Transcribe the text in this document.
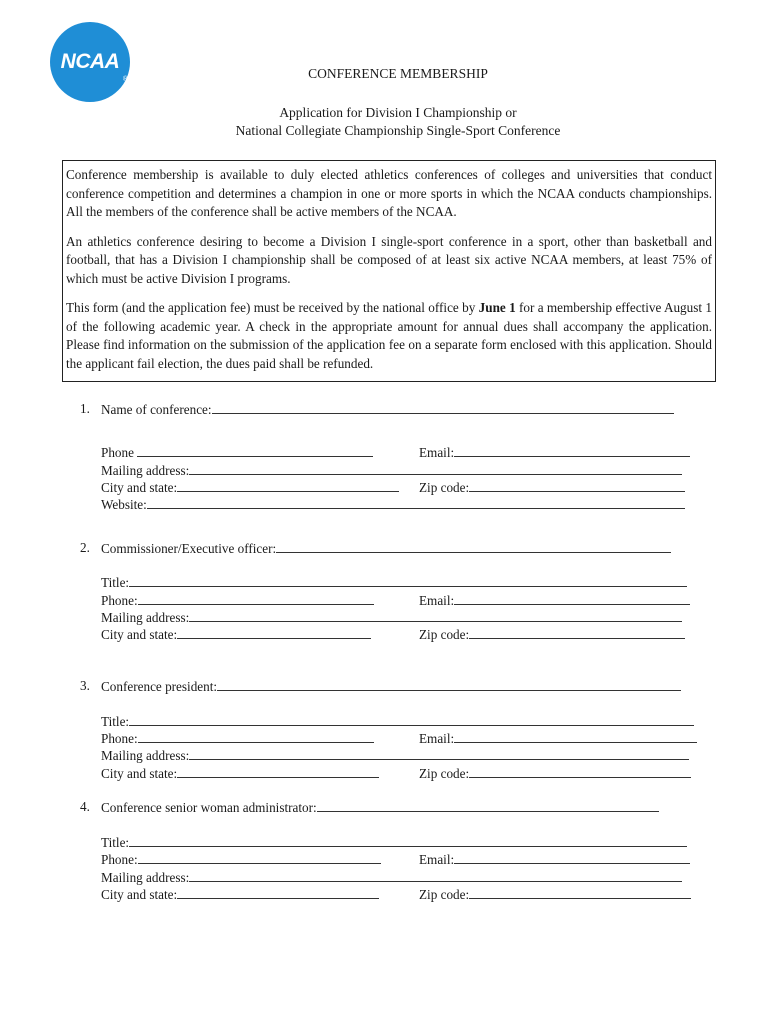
NCAA
®	CONFERENCE MEMBERSHIP
Application for Division I Championship or
National Collegiate Championship Single-Sport Conference

Conference membership is available to duly elected athletics conferences of colleges and universities that conduct conference competition and determines a champion in one or more sports in which the NCAA conducts championships. All the members of the conference shall be active members of the NCAA.

An athletics conference desiring to become a Division I single-sport conference in a sport, other than basketball and football, that has a Division I championship shall be composed of at least six active NCAA members, at least 75% of which must be active Division I programs.

This form (and the application fee) must be received by the national office by June 1 for a membership effective August 1 of the following academic year. A check in the appropriate amount for annual dues shall accompany the application. Please find information on the submission of the application fee on a separate form enclosed with this application. Should the applicant fail election, the dues paid shall be refunded.

1. Name of conference:
Phone	Email:
Mailing address:
City and state:	Zip code:
Website:
2. Commissioner/Executive officer:
Title:
Phone:	Email:
Mailing address:
City and state:	Zip code:
3. Conference president:
Title:
Phone:	Email:
Mailing address:
City and state:	Zip code:
4. Conference senior woman administrator:
Title:
Phone:	Email:
Mailing address:
City and state:	Zip code:
